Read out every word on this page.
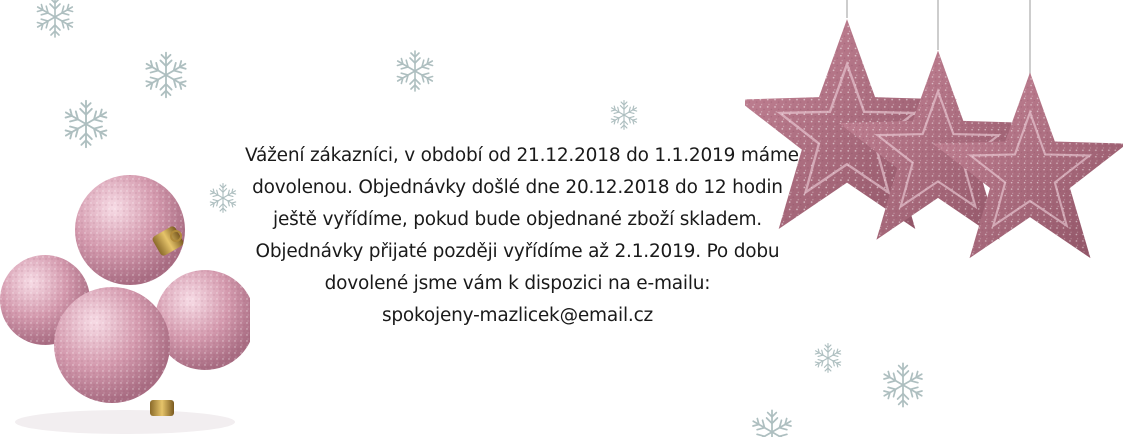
Vážení zákazníci, v období od 21.12.2018 do 1.1.2019 máme
dovolenou. Objednávky došlé dne 20.12.2018 do 12 hodin
ještě vyřídíme, pokud bude objednané zboží skladem.
Objednávky přijaté později vyřídíme až 2.1.2019. Po dobu
dovolené jsme vám k dispozici na e-mailu:
spokojeny-mazlicek@email.cz
